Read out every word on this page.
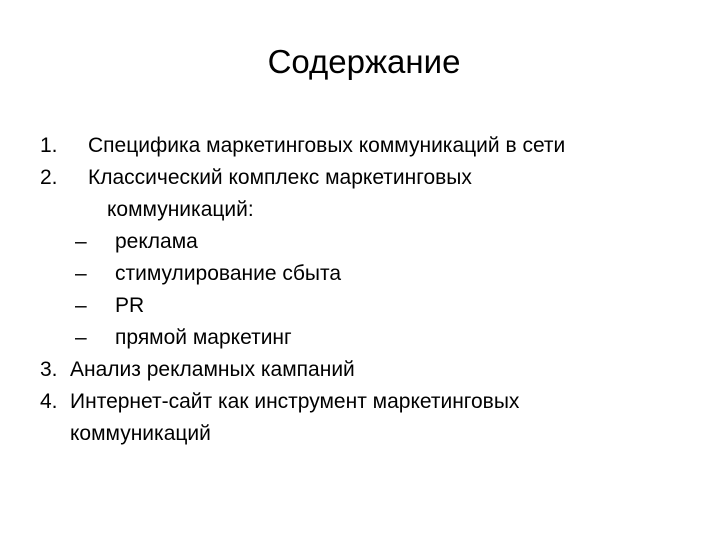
Содержание
1. Специфика маркетинговых коммуникаций в сети
2. Классический комплекс маркетинговых
коммуникаций:
– реклама
– стимулирование сбыта
– PR
– прямой маркетинг
3. Анализ рекламных кампаний
4. Интернет-сайт как инструмент маркетинговых
коммуникаций
